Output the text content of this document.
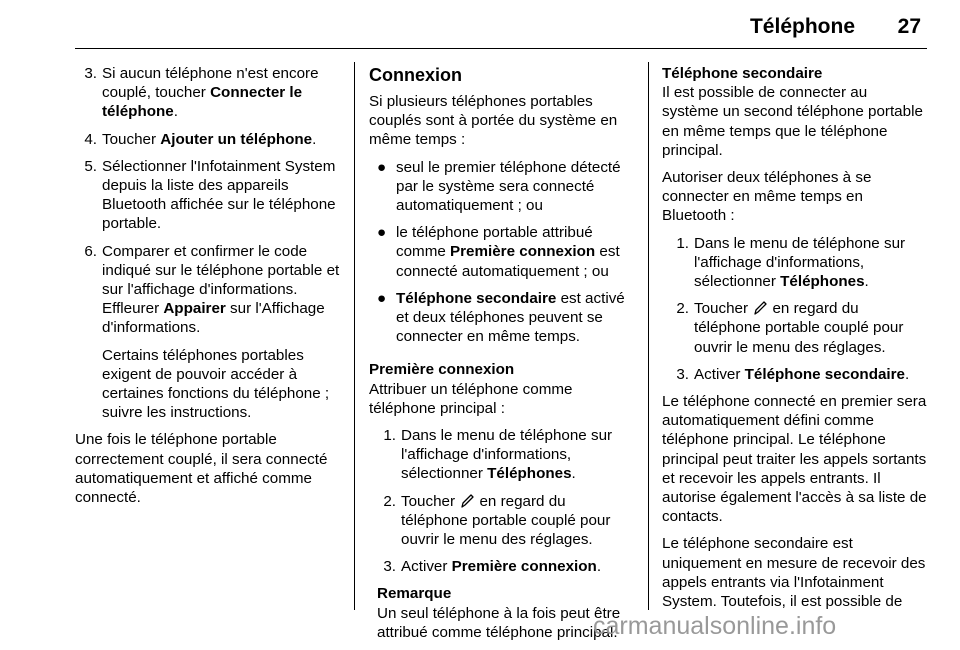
Téléphone 27
3. Si aucun téléphone n'est encore couplé, toucher Connecter le téléphone.
4. Toucher Ajouter un téléphone.
5. Sélectionner l'Infotainment System depuis la liste des appareils Bluetooth affichée sur le téléphone portable.
6. Comparer et confirmer le code indiqué sur le téléphone portable et sur l'affichage d'informations. Effleurer Appairer sur l'Affichage d'informations.

Certains téléphones portables exigent de pouvoir accéder à certaines fonctions du téléphone ; suivre les instructions.

Une fois le téléphone portable correctement couplé, il sera connecté automatiquement et affiché comme connecté.

Connexion

Si plusieurs téléphones portables couplés sont à portée du système en même temps :

● seul le premier téléphone détecté par le système sera connecté automatiquement ; ou
● le téléphone portable attribué comme Première connexion est connecté automatiquement ; ou
● Téléphone secondaire est activé et deux téléphones peuvent se connecter en même temps.
Première connexion

Attribuer un téléphone comme téléphone principal :

1. Dans le menu de téléphone sur l'affichage d'informations, sélectionner Téléphones.
2. Toucher  en regard du téléphone portable couplé pour ouvrir le menu des réglages.
3. Activer Première connexion.
Remarque

Un seul téléphone à la fois peut être attribué comme téléphone principal.

Téléphone secondaire

Il est possible de connecter au système un second téléphone portable en même temps que le téléphone principal.

Autoriser deux téléphones à se connecter en même temps en Bluetooth :

1. Dans le menu de téléphone sur l'affichage d'informations, sélectionner Téléphones.
2. Toucher  en regard du téléphone portable couplé pour ouvrir le menu des réglages.
3. Activer Téléphone secondaire.

Le téléphone connecté en premier sera automatiquement défini comme téléphone principal. Le téléphone principal peut traiter les appels sortants et recevoir les appels entrants. Il autorise également l'accès à sa liste de contacts.

Le téléphone secondaire est uniquement en mesure de recevoir des appels entrants via l'Infotainment System. Toutefois, il est possible de

carmanualsonline.info
